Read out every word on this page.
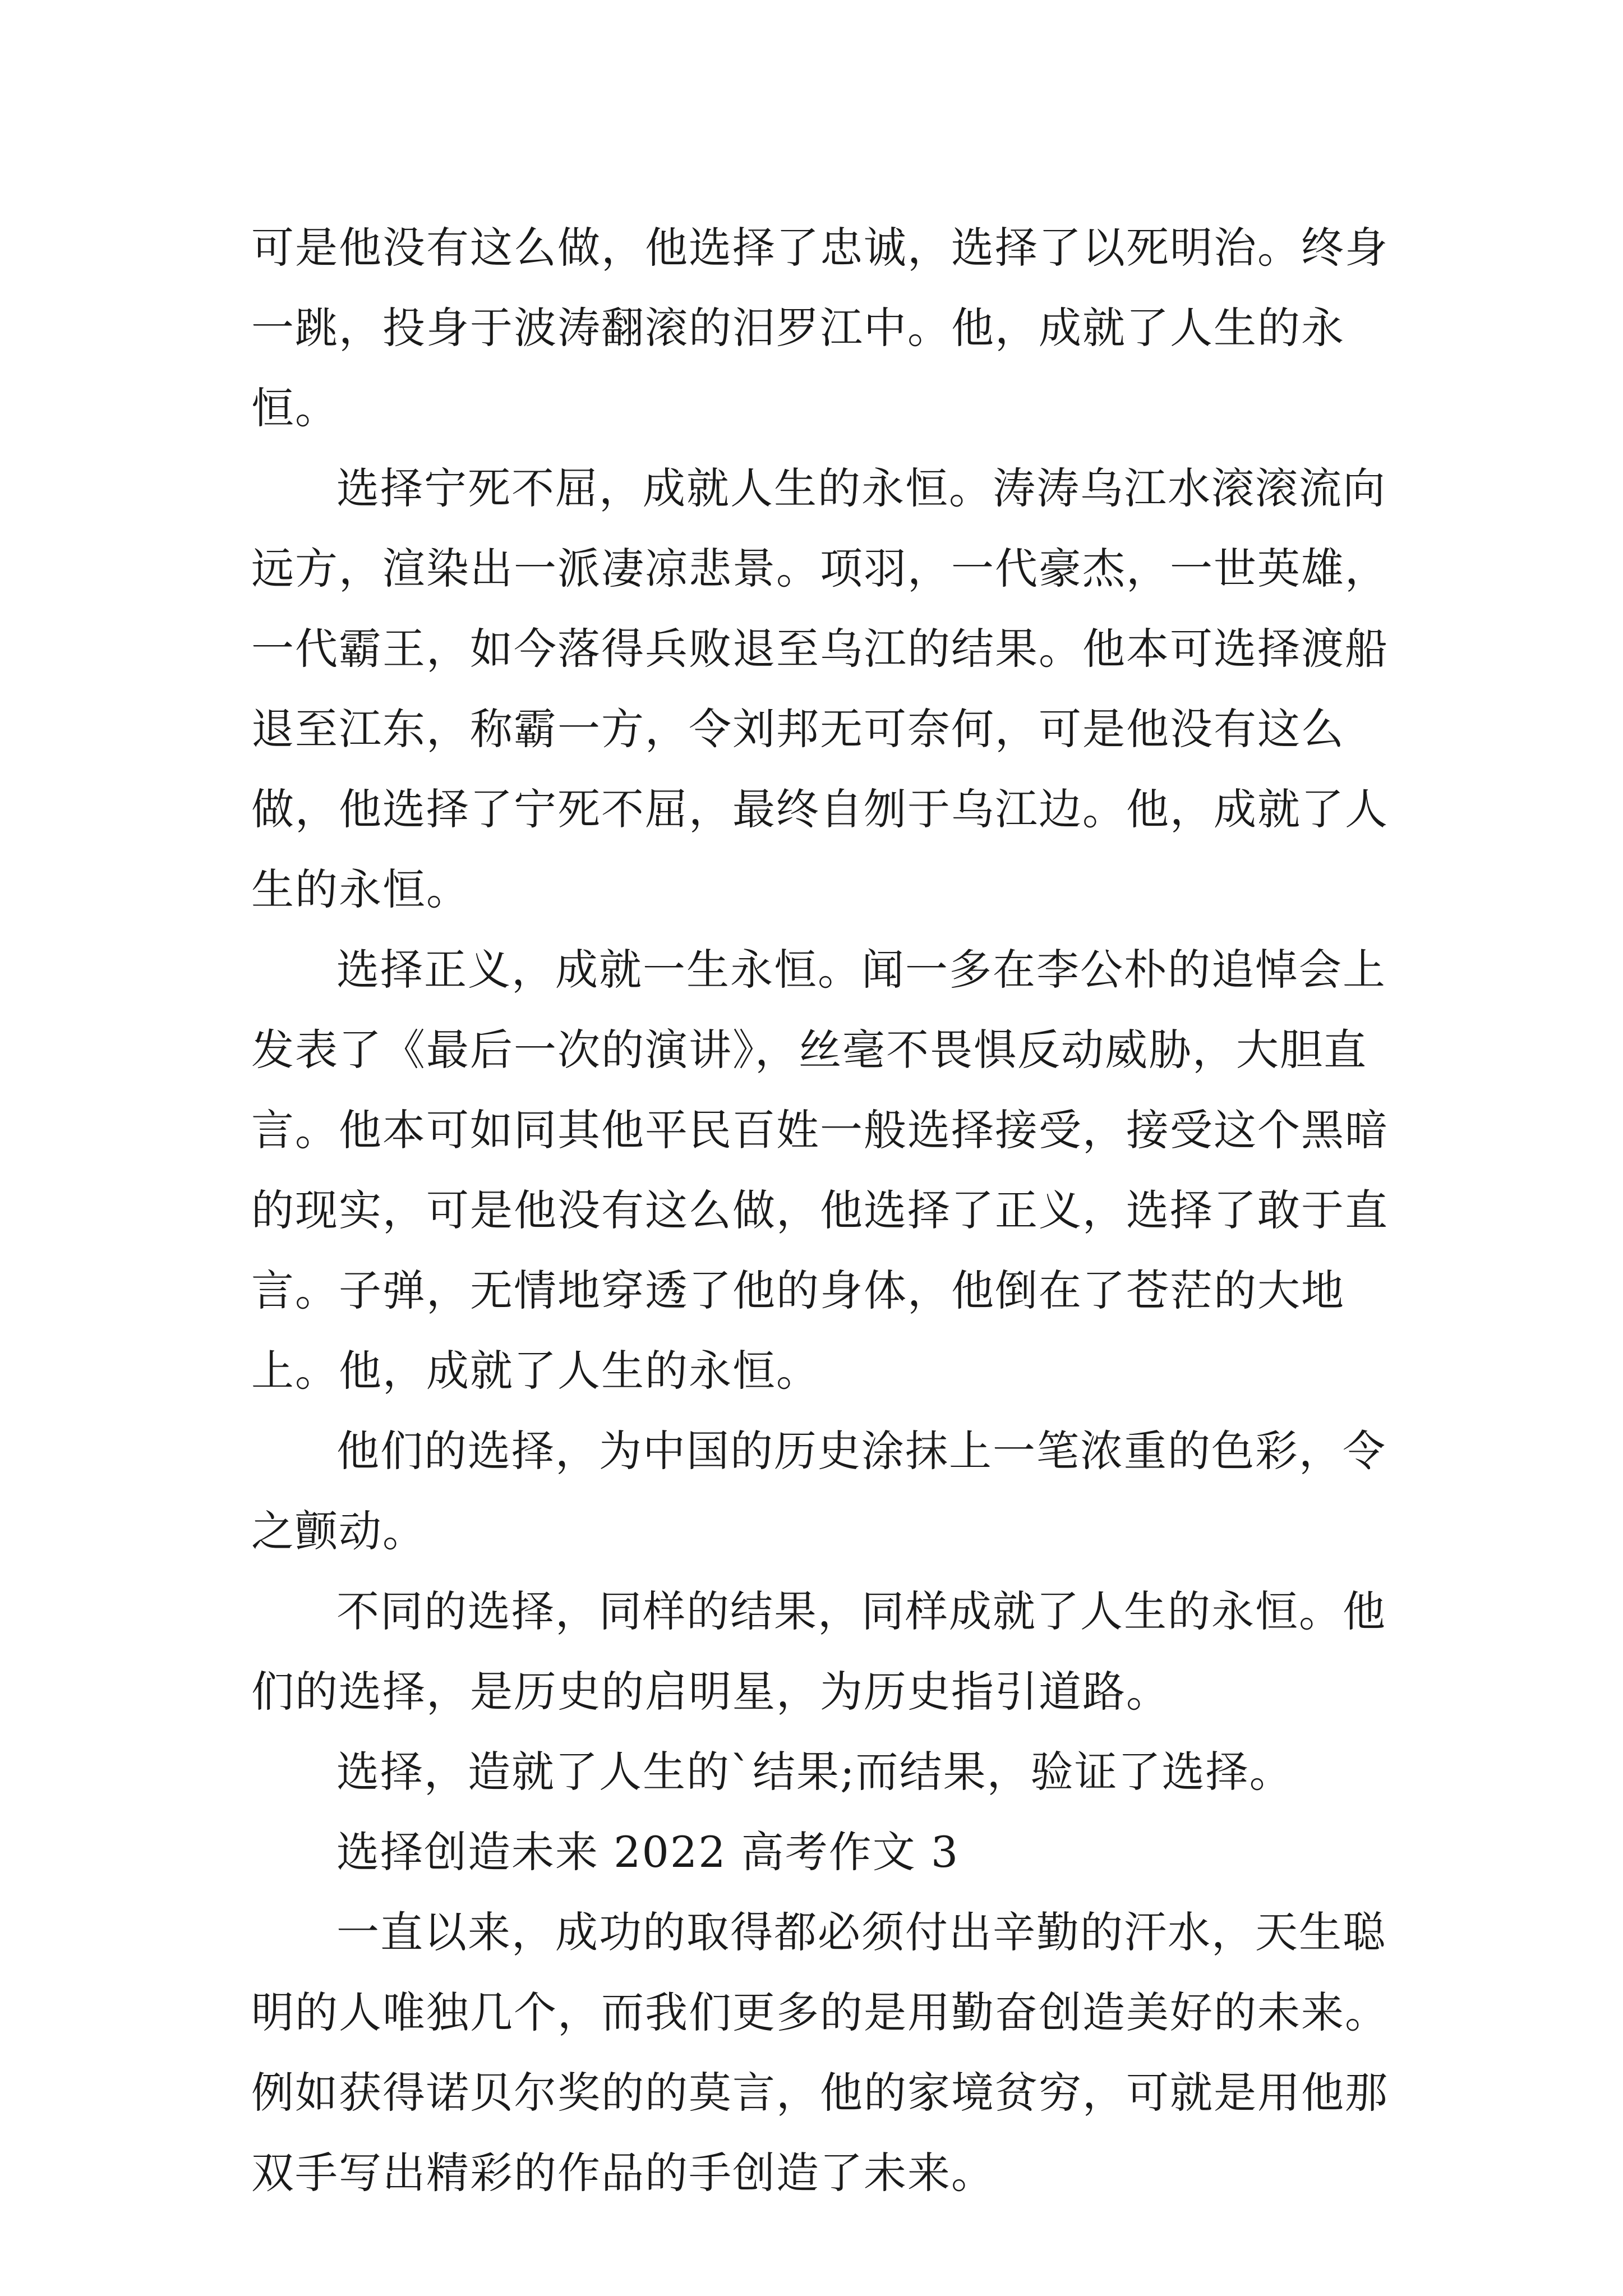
可是他没有这么做，他选择了忠诚，选择了以死明治。终身一跳，投身于波涛翻滚的汨罗江中。他，成就了人生的永恒。

选择宁死不屈，成就人生的永恒。涛涛乌江水滚滚流向远方，渲染出一派凄凉悲景。项羽，一代豪杰，一世英雄，一代霸王，如今落得兵败退至乌江的结果。他本可选择渡船退至江东，称霸一方，令刘邦无可奈何，可是他没有这么做，他选择了宁死不屈，最终自刎于乌江边。他，成就了人生的永恒。

选择正义，成就一生永恒。闻一多在李公朴的追悼会上发表了《最后一次的演讲》，丝毫不畏惧反动威胁，大胆直言。他本可如同其他平民百姓一般选择接受，接受这个黑暗的现实，可是他没有这么做，他选择了正义，选择了敢于直言。子弹，无情地穿透了他的身体，他倒在了苍茫的大地上。他，成就了人生的永恒。

他们的选择，为中国的历史涂抹上一笔浓重的色彩，令之颤动。

不同的选择，同样的结果，同样成就了人生的永恒。他们的选择，是历史的启明星，为历史指引道路。

选择，造就了人生的`结果;而结果，验证了选择。

选择创造未来 2022 高考作文 3

一直以来，成功的取得都必须付出辛勤的汗水，天生聪明的人唯独几个，而我们更多的是用勤奋创造美好的未来。例如获得诺贝尔奖的的莫言，他的家境贫穷，可就是用他那双手写出精彩的作品的手创造了未来。
